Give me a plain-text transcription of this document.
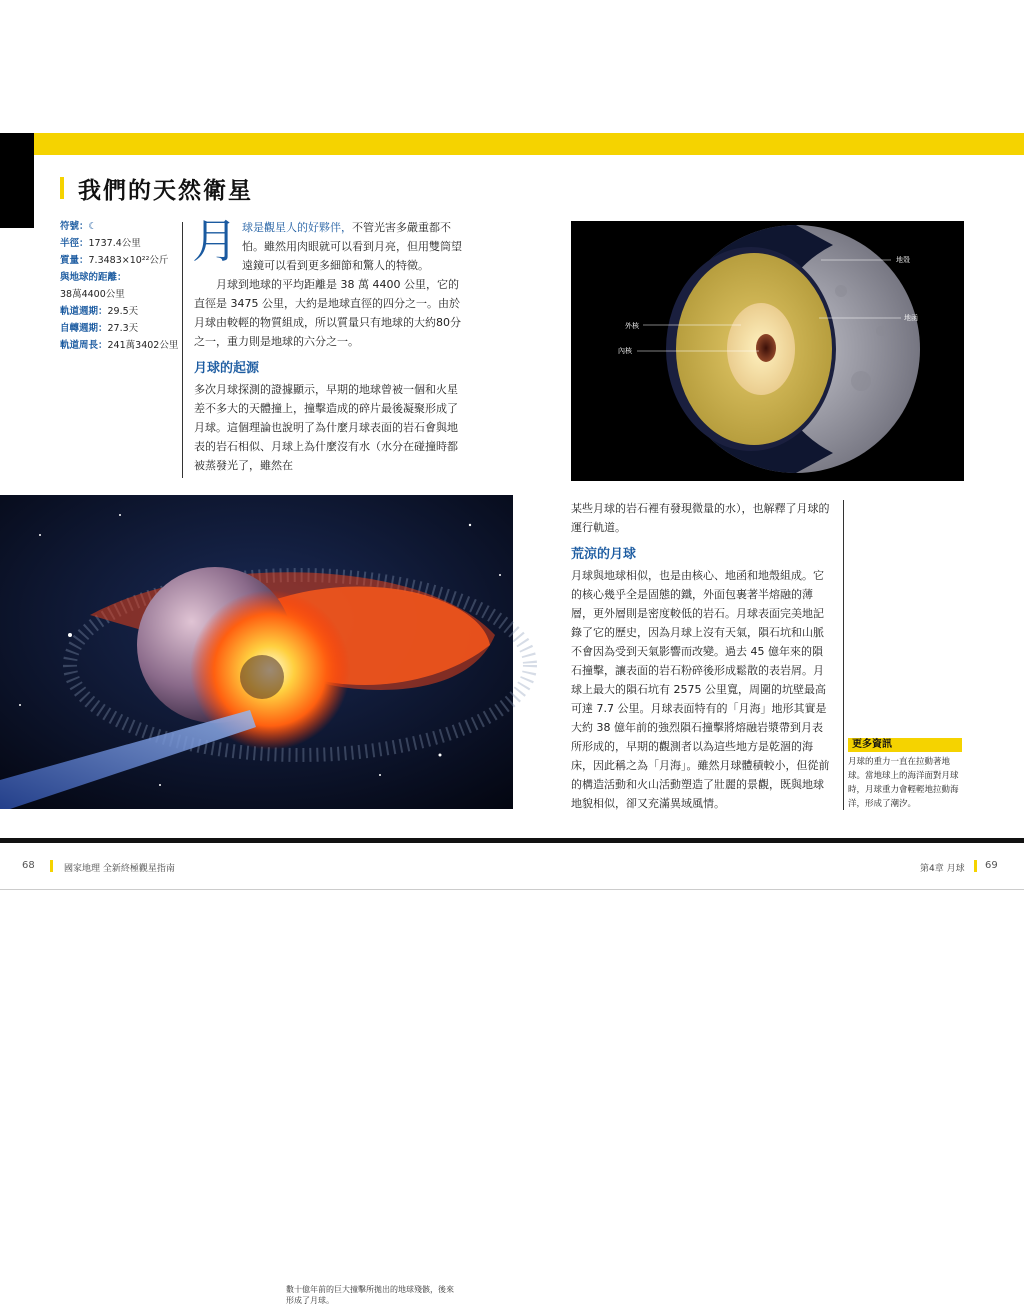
我們的天然衛星
符號：☾
半徑：1737.4公里
質量：7.3483×10²²公斤
與地球的距離：
38萬4400公里
軌道週期：29.5天
自轉週期：27.3天
軌道周長：241萬3402公里
月 球是觀星人的好夥伴，不管光害多嚴重都不怕。雖然用肉眼就可以看到月亮，但用雙筒望遠鏡可以看到更多細節和驚人的特徵。

月球到地球的平均距離是 38 萬 4400 公里，它的直徑是 3475 公里，大約是地球直徑的四分之一。由於月球由較輕的物質組成，所以質量只有地球的大約80分之一，重力則是地球的六分之一。

月球的起源

多次月球探測的證據顯示，早期的地球曾被一個和火星差不多大的天體撞上，撞擊造成的碎片最後凝聚形成了月球。這個理論也說明了為什麼月球表面的岩石會與地表的岩石相似、月球上為什麼沒有水（水分在碰撞時都被蒸發光了，雖然在

地殼
地函
外核
內核
數十億年前的巨大撞擊所拋出的地球殘骸，後來形成了月球。

某些月球的岩石裡有發現微量的水），也解釋了月球的運行軌道。

荒涼的月球

月球與地球相似，也是由核心、地函和地殼組成。它的核心幾乎全是固態的鐵，外面包裹著半熔融的薄層，更外層則是密度較低的岩石。月球表面完美地記錄了它的歷史，因為月球上沒有天氣，隕石坑和山脈不會因為受到天氣影響而改變。過去 45 億年來的隕石撞擊，讓表面的岩石粉碎後形成鬆散的表岩屑。月球上最大的隕石坑有 2575 公里寬，周圍的坑壁最高可達 7.7 公里。月球表面特有的「月海」地形其實是大約 38 億年前的強烈隕石撞擊將熔融岩漿帶到月表所形成的，早期的觀測者以為這些地方是乾涸的海床，因此稱之為「月海」。雖然月球體積較小，但從前的構造活動和火山活動塑造了壯麗的景觀，既與地球地貌相似，卻又充滿異域風情。

更多資訊
月球的重力一直在拉動著地球。當地球上的海洋面對月球時，月球重力會輕輕地拉動海洋，形成了潮汐。
68	國家地理 全新終極觀星指南	第4章 月球 69
